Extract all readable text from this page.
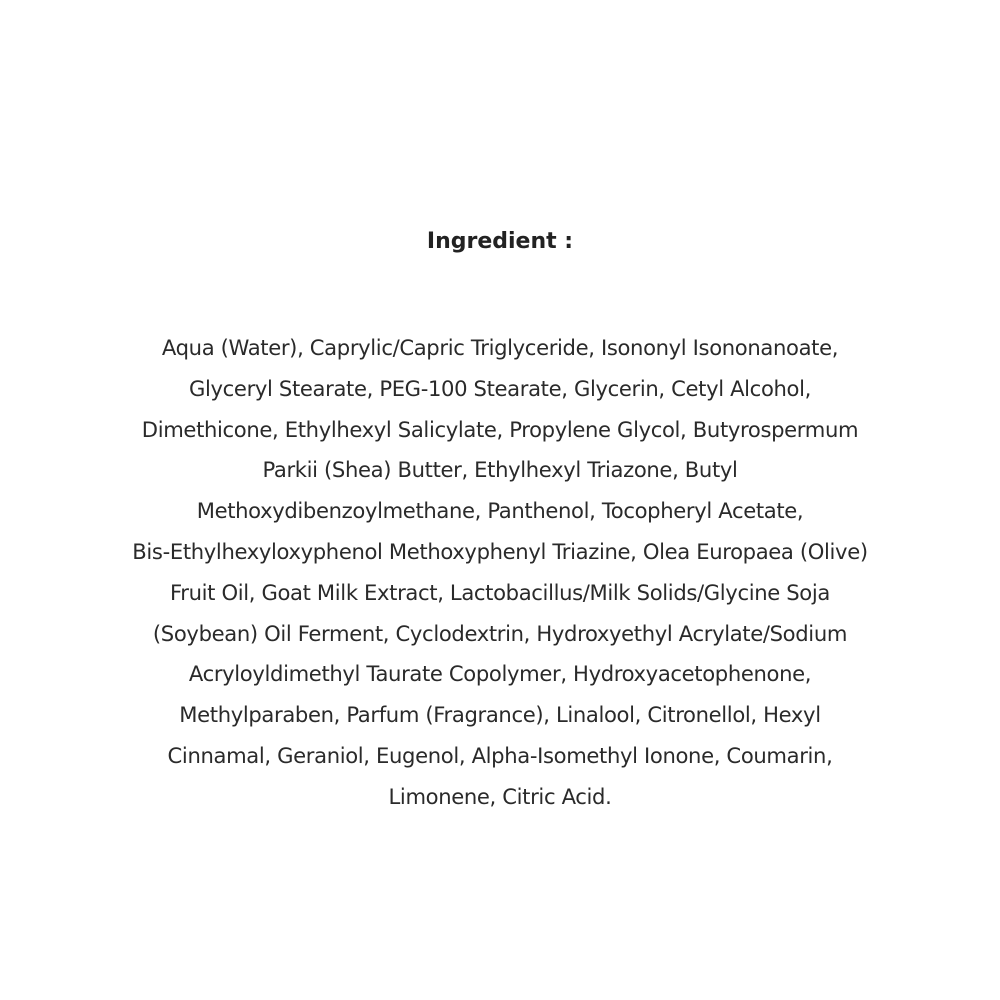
Ingredient :
Aqua (Water), Caprylic/Capric Triglyceride, Isononyl Isononanoate,
Glyceryl Stearate, PEG-100 Stearate, Glycerin, Cetyl Alcohol,
Dimethicone, Ethylhexyl Salicylate, Propylene Glycol, Butyrospermum
Parkii (Shea) Butter, Ethylhexyl Triazone, Butyl
Methoxydibenzoylmethane, Panthenol, Tocopheryl Acetate,
Bis-Ethylhexyloxyphenol Methoxyphenyl Triazine, Olea Europaea (Olive)
Fruit Oil, Goat Milk Extract, Lactobacillus/Milk Solids/Glycine Soja
(Soybean) Oil Ferment, Cyclodextrin, Hydroxyethyl Acrylate/Sodium
Acryloyldimethyl Taurate Copolymer, Hydroxyacetophenone,
Methylparaben, Parfum (Fragrance), Linalool, Citronellol, Hexyl
Cinnamal, Geraniol, Eugenol, Alpha-Isomethyl Ionone, Coumarin,
Limonene, Citric Acid.
